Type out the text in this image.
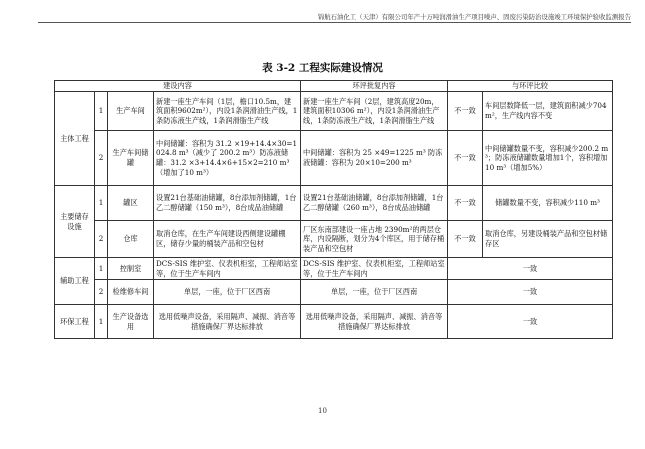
锦航石油化工（天津）有限公司年产十万吨润滑油生产项目噪声、固废污染防治设施竣工环境保护验收监测报告
表 3-2 工程实际建设情况
建设内容				环评批复内容	与环评比较	
主体工程	1	生产车间	新建一座生产车间（1层，檐口10.5m，建筑面积9602m²），内设1条润滑油生产线，1条防冻液生产线，1条润滑脂生产线	新建一座生产车间（2层，建筑高度20m，建筑面积10306 m²），内设1条润滑油生产线，1条防冻液生产线，1条润滑脂生产线	不一致	车间层数降低一层，建筑面积减少704m²，生产线内容不变
	2	生产车间储罐	中间储罐：容积为 31.2 ×19+14.4×30=1024.8 m³（减少了 200.2 m³）防冻液储罐：31.2 ×3+14.4×6+15×2=210 m³（增加了10 m³）	中间储罐：容积为 25 ×49=1225 m³ 防冻液储罐：容积为 20×10=200 m³	不一致	中间储罐数量不变，容积减少200.2 m³；防冻液储罐数量增加1个，容积增加10 m³（增加5%）
主要储存设施	1	罐区	设置21台基础油储罐，8台添加剂储罐，1台乙二醇储罐（150 m³），8台成品油储罐	设置21台基础油储罐，8台添加剂储罐，1台乙二醇储罐（260 m³），8台成品油储罐	不一致	储罐数量不变，容积减少110 m³
	2	仓库	取消仓库，在生产车间建设西侧建设罐棚区，储存少量的桶装产品和空包材	厂区东南部建设一座占地 2390m²的两层仓库，内设隔断，划分为4个库区，用于储存桶装产品和空包材	不一致	取消仓库，另建设桶装产品和空包材储存区
辅助工程	1	控制室	DCS-SIS 维护室、仪表机柜室，工程师站室等，位于生产车间内	DCS-SIS 维护室、仪表机柜室，工程师站室等，位于生产车间内	一致	
	2	检维修车间	单层，一座，位于厂区西南	单层，一座，位于厂区西南	一致	
环保工程	1	生产设备选用	选用低噪声设备，采用隔声、减振、消音等措施确保厂界达标排放	选用低噪声设备，采用隔声、减振、消音等措施确保厂界达标排放	一致	
10
